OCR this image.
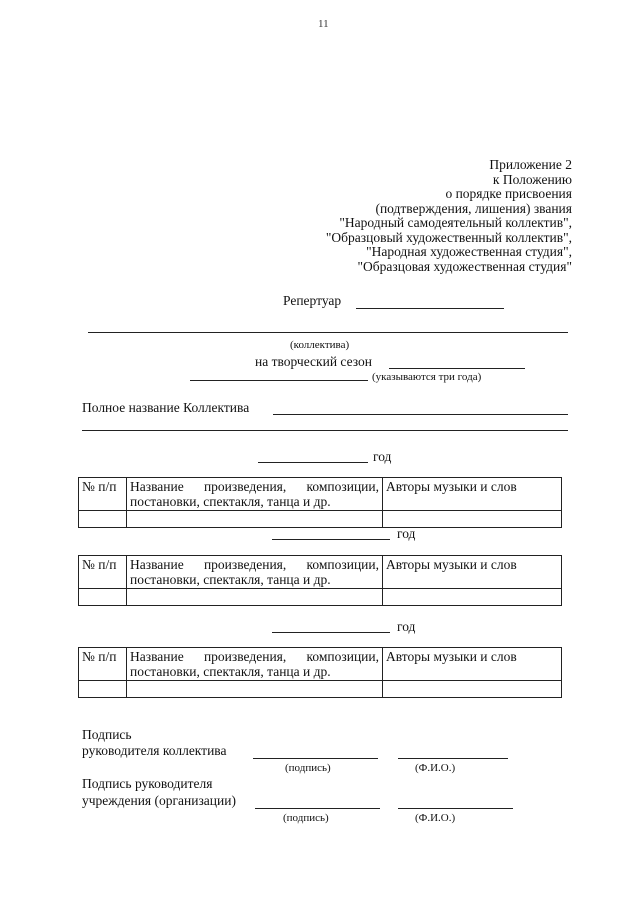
11
Приложение 2
к Положению
о порядке присвоения
(подтверждения, лишения) звания
"Народный самодеятельный коллектив",
"Образцовый художественный коллектив",
"Народная художественная студия",
"Образцовая художественная студия"
Репертуар
(коллектива)
на творческий сезон
(указываются три года)
Полное название Коллектива
год
№ п/п	Название произведения, композиции, постановки, спектакля, танца и др.	Авторы музыки и слов

год
№ п/п	Название произведения, композиции, постановки, спектакля, танца и др.	Авторы музыки и слов

год
№ п/п	Название произведения, композиции, постановки, спектакля, танца и др.	Авторы музыки и слов

Подпись
руководителя коллектива
(подпись)	(Ф.И.О.)
Подпись руководителя
учреждения (организации)
(подпись)	(Ф.И.О.)
